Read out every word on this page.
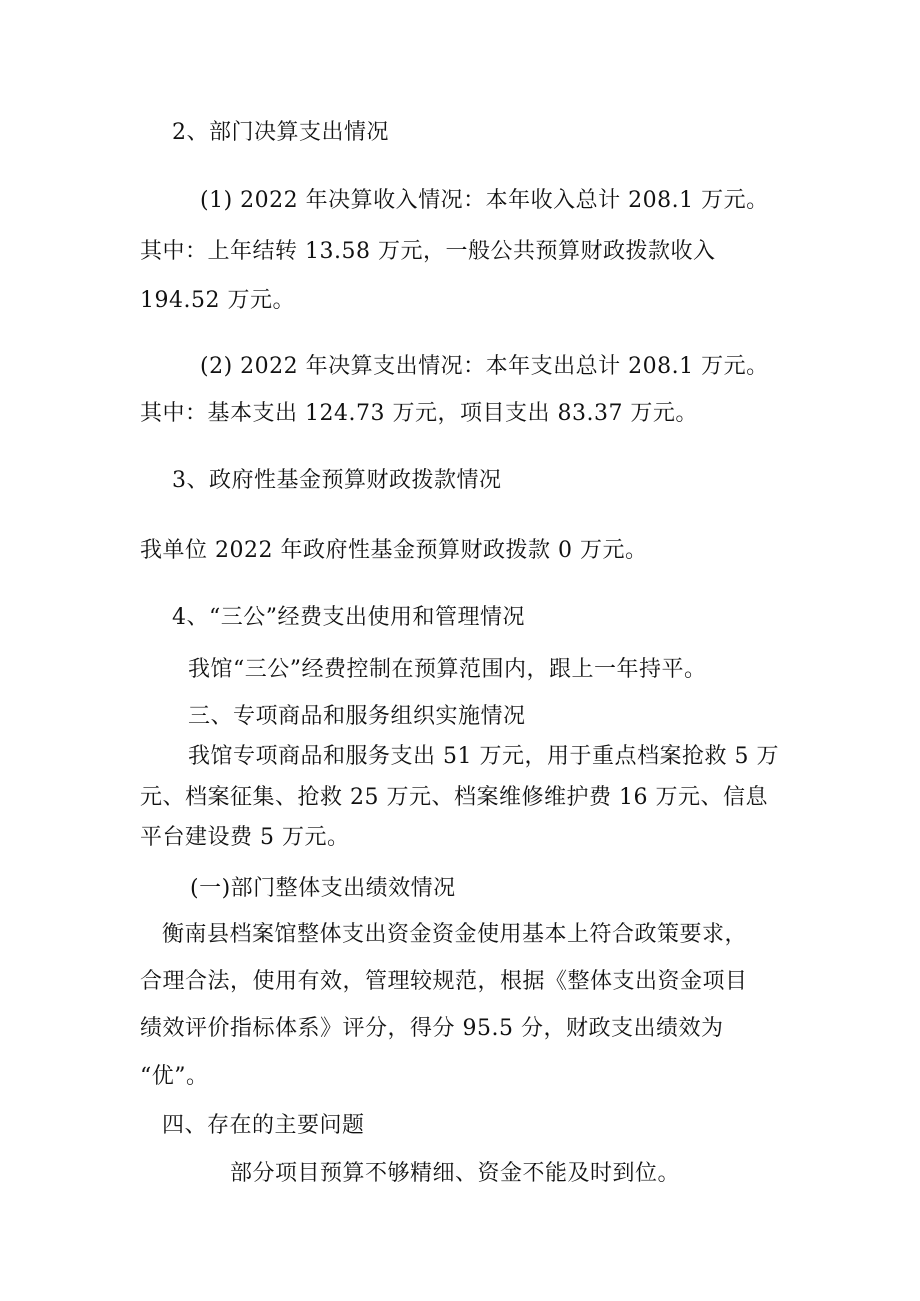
2、部门决算支出情况
(1) 2022 年决算收入情况：本年收入总计 208.1 万元。
其中：上年结转 13.58 万元，一般公共预算财政拨款收入
194.52 万元。
(2) 2022 年决算支出情况：本年支出总计 208.1 万元。
其中：基本支出 124.73 万元，项目支出 83.37 万元。
3、政府性基金预算财政拨款情况
我单位 2022 年政府性基金预算财政拨款 0 万元。
4、“三公”经费支出使用和管理情况
我馆“三公”经费控制在预算范围内，跟上一年持平。
三、专项商品和服务组织实施情况
我馆专项商品和服务支出 51 万元，用于重点档案抢救 5 万
元、档案征集、抢救 25 万元、档案维修维护费 16 万元、信息
平台建设费 5 万元。
(一)部门整体支出绩效情况
衡南县档案馆整体支出资金资金使用基本上符合政策要求，
合理合法，使用有效，管理较规范，根据《整体支出资金项目
绩效评价指标体系》评分，得分 95.5 分，财政支出绩效为
“优”。
四、存在的主要问题
部分项目预算不够精细、资金不能及时到位。
